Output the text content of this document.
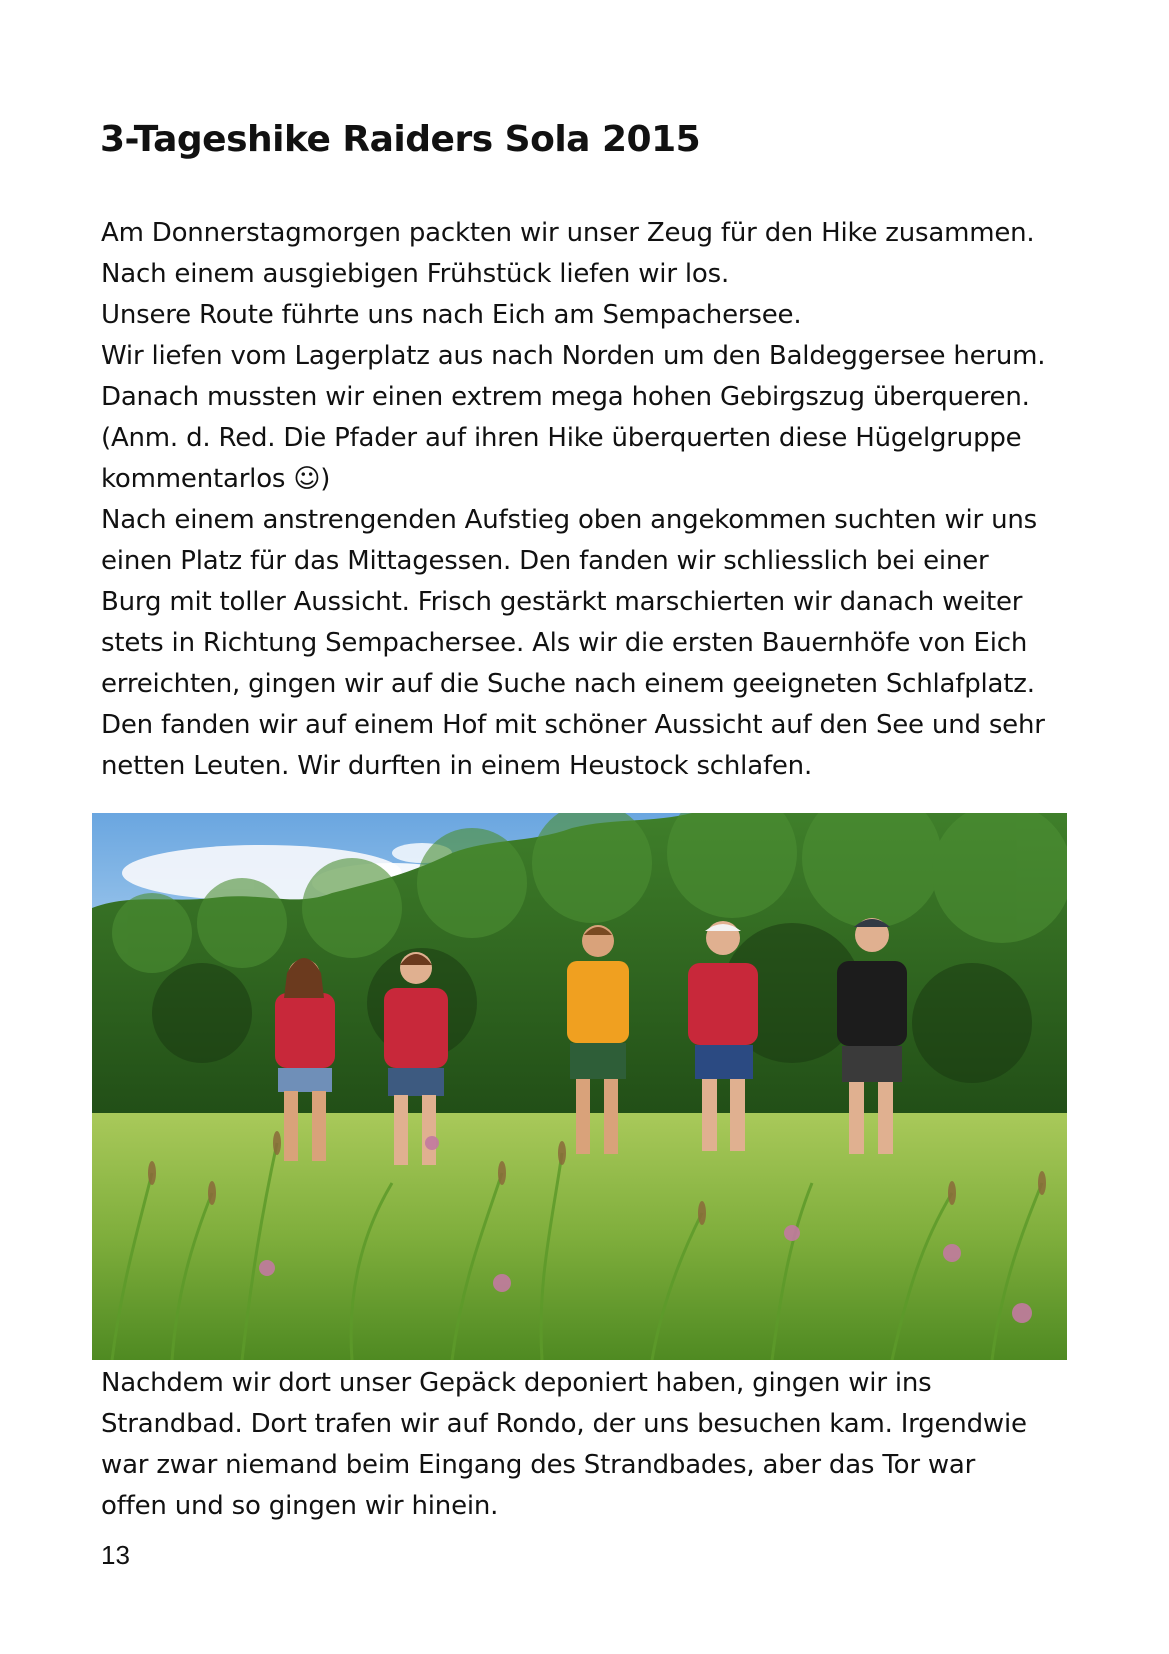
3-Tageshike Raiders Sola 2015
Am Donnerstagmorgen packten wir unser Zeug für den Hike zusammen.
Nach einem ausgiebigen Frühstück liefen wir los.
Unsere Route führte uns nach Eich am Sempachersee.
Wir liefen vom Lagerplatz aus nach Norden um den Baldeggersee herum.
Danach mussten wir einen extrem mega hohen Gebirgszug überqueren.
(Anm. d. Red. Die Pfader auf ihren Hike überquerten diese Hügelgruppe
kommentarlos ☺)
Nach einem anstrengenden Aufstieg oben angekommen suchten wir uns
einen Platz für das Mittagessen. Den fanden wir schliesslich bei einer
Burg mit toller Aussicht. Frisch gestärkt marschierten wir danach weiter
stets in Richtung Sempachersee. Als wir die ersten Bauernhöfe von Eich
erreichten, gingen wir auf die Suche nach einem geeigneten Schlafplatz.
Den fanden wir auf einem Hof mit schöner Aussicht auf den See und sehr
netten Leuten. Wir durften in einem Heustock schlafen.
Nachdem wir dort unser Gepäck deponiert haben, gingen wir ins
Strandbad. Dort trafen wir auf Rondo, der uns besuchen kam. Irgendwie
war zwar niemand beim Eingang des Strandbades, aber das Tor war
offen und so gingen wir hinein.
13
